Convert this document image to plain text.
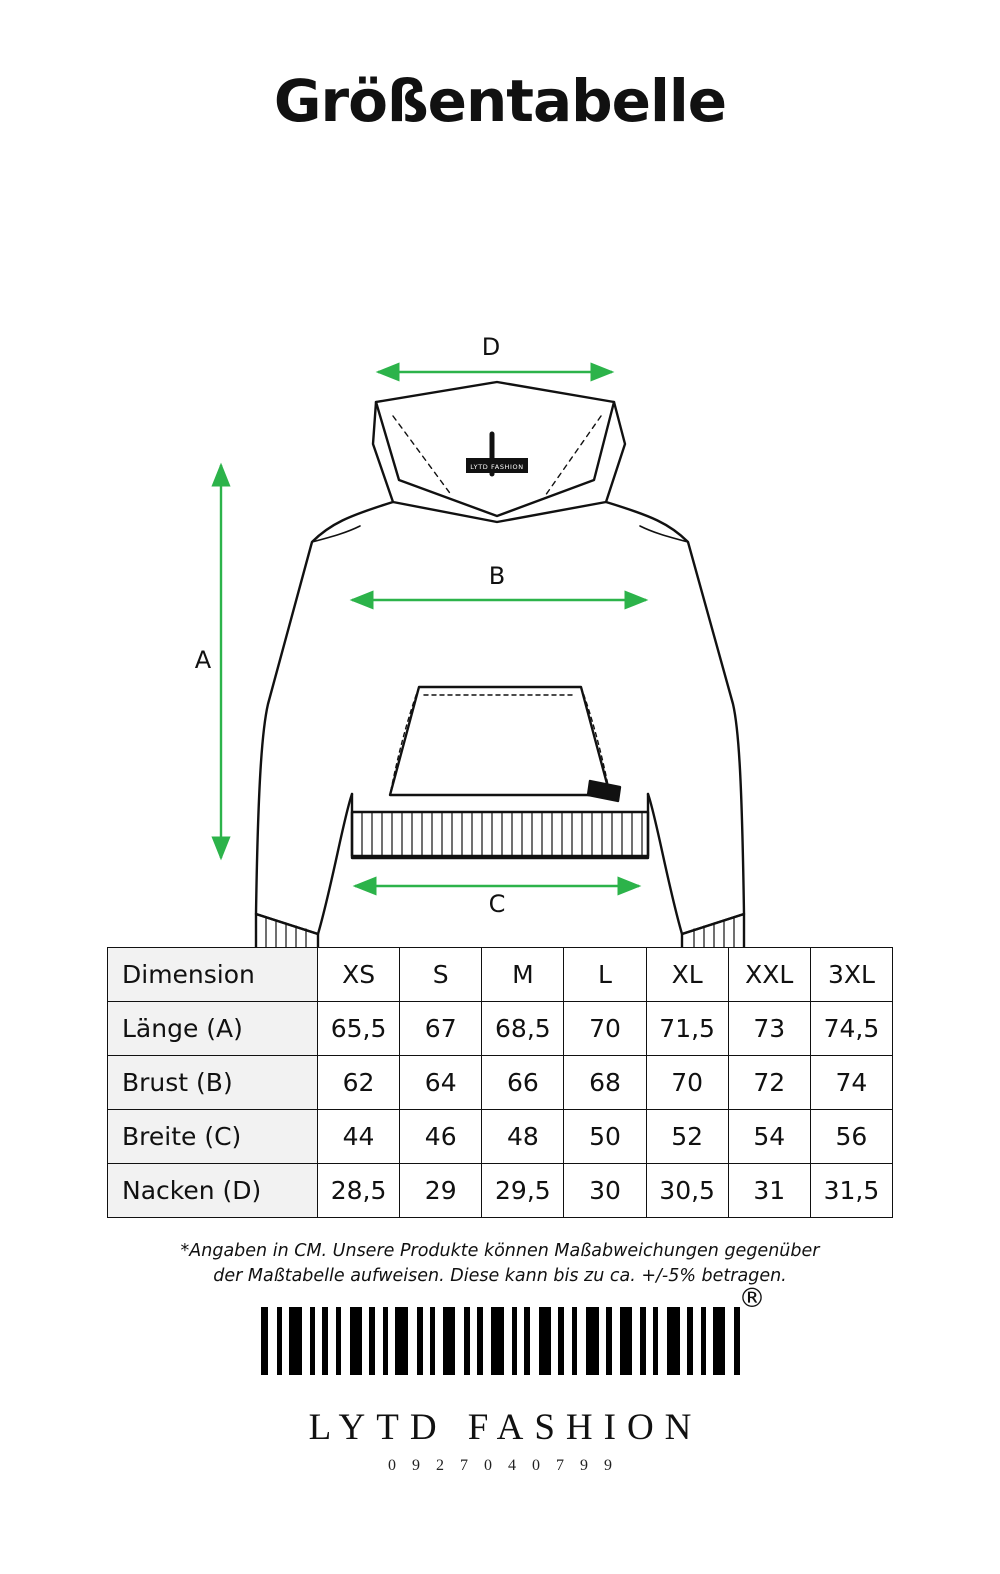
Größentabelle
LYTD FASHION
D
A
B
C
Dimension	XS	S	M	L	XL	XXL	3XL
Länge (A)	65,5	67	68,5	70	71,5	73	74,5
Brust (B)	62	64	66	68	70	72	74
Breite (C)	44	46	48	50	52	54	56
Nacken (D)	28,5	29	29,5	30	30,5	31	31,5
*Angaben in CM. Unsere Produkte können Maßabweichungen gegenüber
der Maßtabelle aufweisen. Diese kann bis zu ca. +/-5% betragen.
®
LYTD FASHION
0 9 2 7 0 4 0 7 9 9
